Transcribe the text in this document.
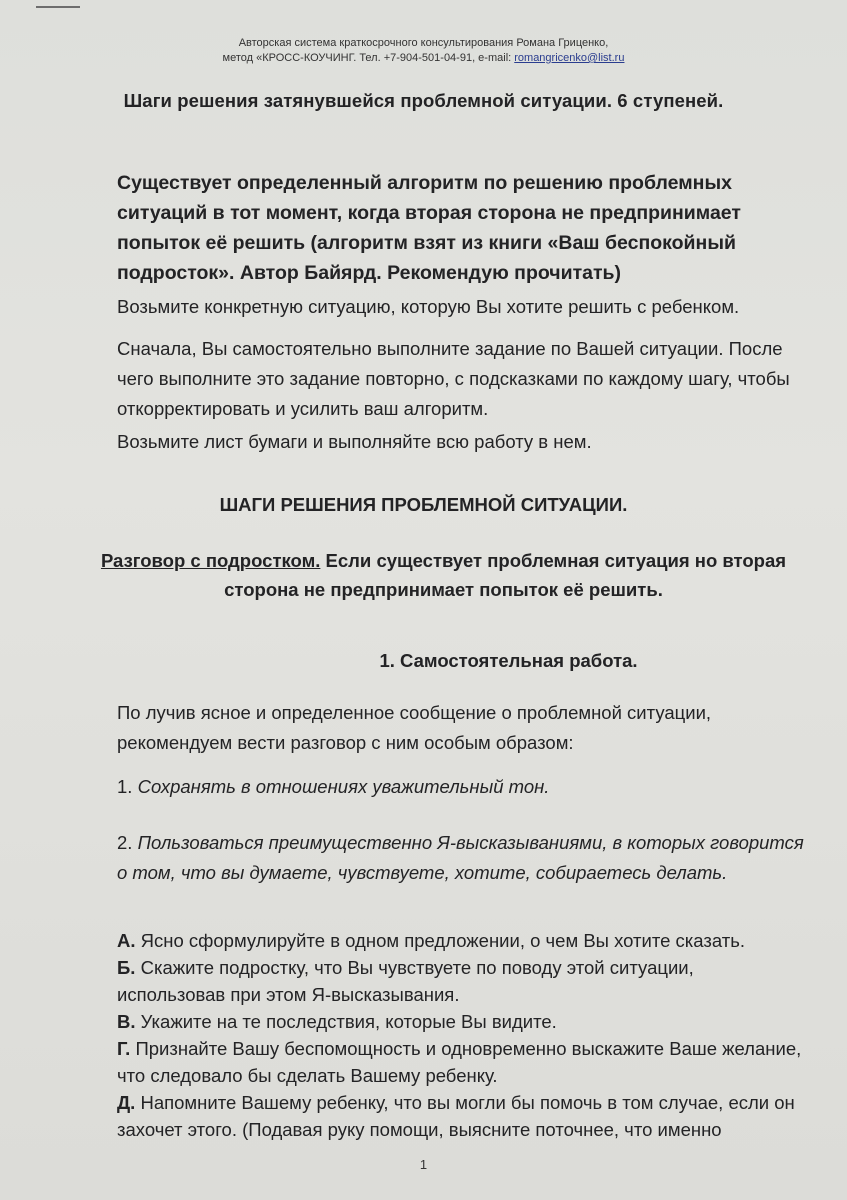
Авторская система краткосрочного консультирования Романа Гриценко,
метод «КРОСС-КОУЧИНГ. Тел. +7-904-501-04-91, e-mail: romangricenko@list.ru
Шаги решения затянувшейся проблемной ситуации. 6 ступеней.

Существует определенный алгоритм по решению проблемных ситуаций в тот момент, когда вторая сторона не предпринимает попыток её решить (алгоритм взят из книги «Ваш беспокойный подросток». Автор Байярд. Рекомендую прочитать)

Возьмите конкретную ситуацию, которую Вы хотите решить с ребенком.

Сначала, Вы самостоятельно выполните задание по Вашей ситуации. После чего выполните это задание повторно, с подсказками по каждому шагу, чтобы откорректировать и усилить ваш алгоритм.

Возьмите лист бумаги и выполняйте всю работу в нем.

ШАГИ РЕШЕНИЯ ПРОБЛЕМНОЙ СИТУАЦИИ.
Разговор с подростком. Если существует проблемная ситуация но вторая сторона не предпринимает попыток её решить.
1. Самостоятельная работа.

По лучив ясное и определенное сообщение о проблемной ситуации, рекомендуем вести разговор с ним особым образом:

1. Сохранять в отношениях уважительный тон.

2. Пользоваться преимущественно Я-высказываниями, в которых говорится о том, что вы думаете, чувствуете, хотите, собираетесь делать.

А. Ясно сформулируйте в одном предложении, о чем Вы хотите сказать.

Б. Скажите подростку, что Вы чувствуете по поводу этой ситуации, использовав при этом Я-высказывания.

В. Укажите на те последствия, которые Вы видите.

Г. Признайте Вашу беспомощность и одновременно выскажите Ваше желание, что следовало бы сделать Вашему ребенку.

Д. Напомните Вашему ребенку, что вы могли бы помочь в том случае, если он захочет этого. (Подавая руку помощи, выясните поточнее, что именно

1
